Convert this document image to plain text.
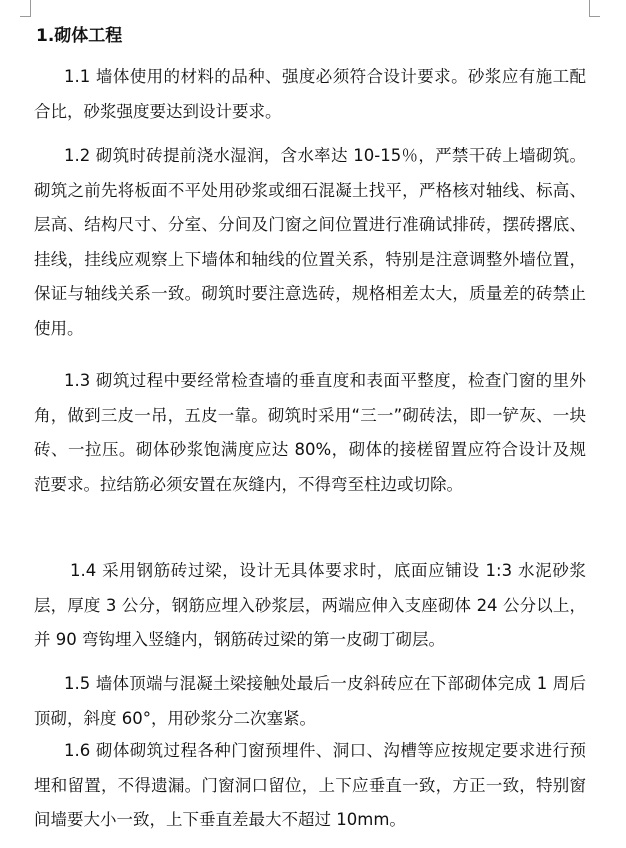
1.砌体工程

1.1 墙体使用的材料的品种、强度必须符合设计要求。砂浆应有施工配合比，砂浆强度要达到设计要求。

1.2 砌筑时砖提前浇水湿润，含水率达 10-15％，严禁干砖上墙砌筑。砌筑之前先将板面不平处用砂浆或细石混凝土找平，严格核对轴线、标高、层高、结构尺寸、分室、分间及门窗之间位置进行准确试排砖，摆砖撂底、挂线，挂线应观察上下墙体和轴线的位置关系，特别是注意调整外墙位置，保证与轴线关系一致。砌筑时要注意选砖，规格相差太大，质量差的砖禁止使用。

1.3 砌筑过程中要经常检查墙的垂直度和表面平整度，检查门窗的里外角，做到三皮一吊，五皮一靠。砌筑时采用“三一”砌砖法，即一铲灰、一块砖、一拉压。砌体砂浆饱满度应达 80%，砌体的接槎留置应符合设计及规范要求。拉结筋必须安置在灰缝内，不得弯至柱边或切除。

1.4 采用钢筋砖过梁，设计无具体要求时，底面应铺设 1:3 水泥砂浆层，厚度 3 公分，钢筋应埋入砂浆层，两端应伸入支座砌体 24 公分以上，并 90 弯钩埋入竖缝内，钢筋砖过梁的第一皮砌丁砌层。

1.5 墙体顶端与混凝土梁接触处最后一皮斜砖应在下部砌体完成 1 周后顶砌，斜度 60°，用砂浆分二次塞紧。

1.6 砌体砌筑过程各种门窗预埋件、洞口、沟槽等应按规定要求进行预埋和留置，不得遗漏。门窗洞口留位，上下应垂直一致，方正一致，特别窗间墙要大小一致，上下垂直差最大不超过 10mm。
